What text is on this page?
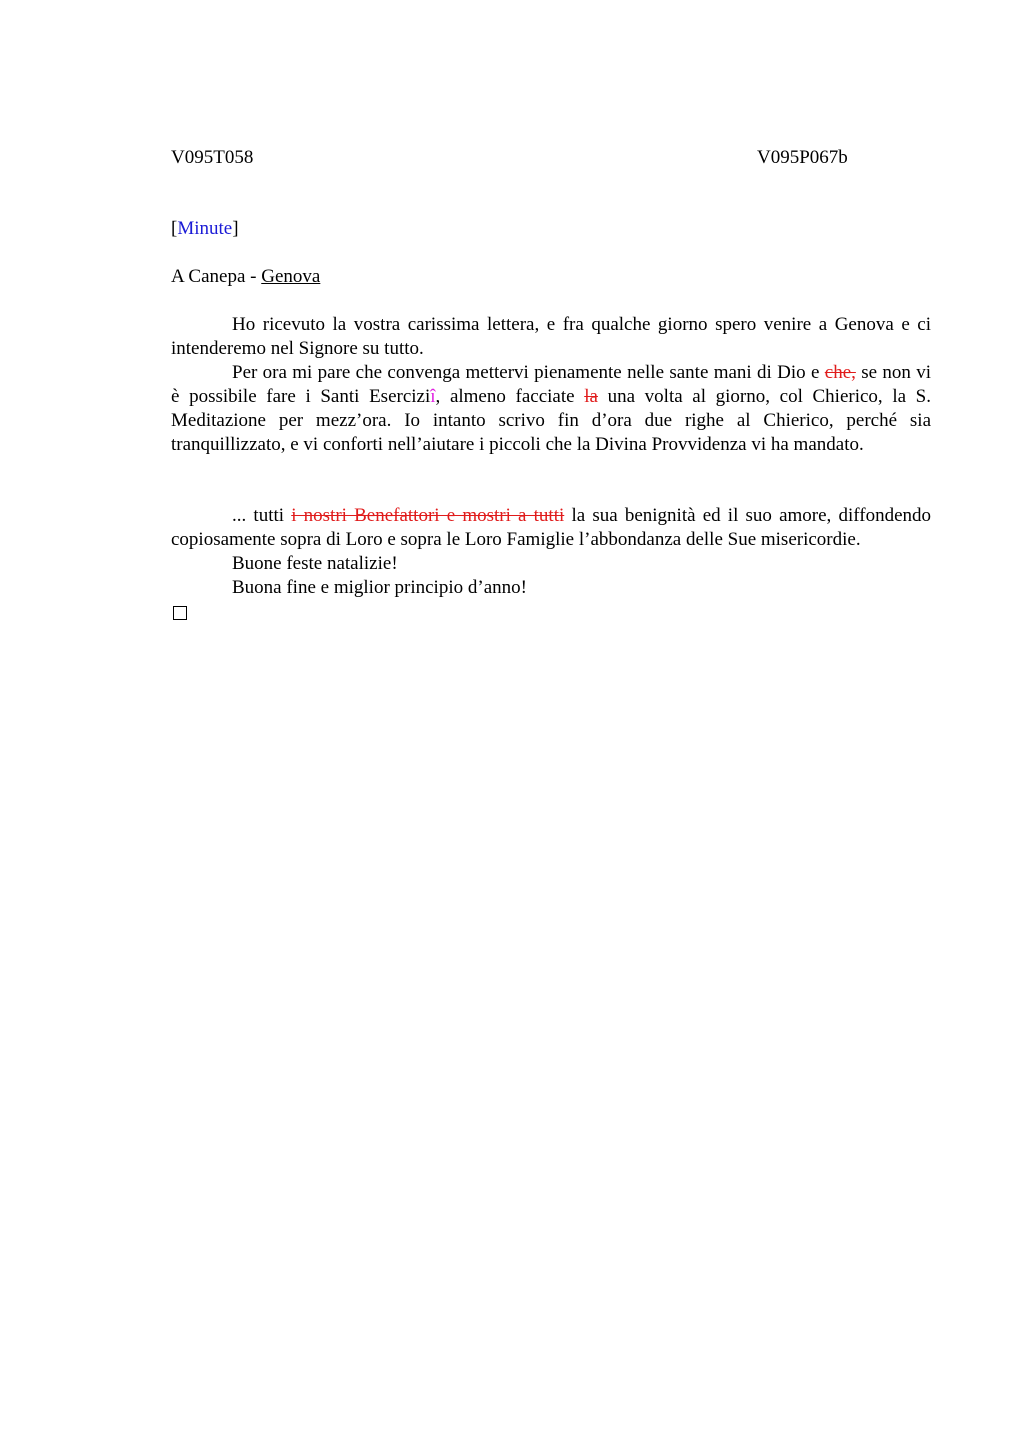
V095T058	V095P067b
[Minute]
A Canepa - Genova

Ho ricevuto la vostra carissima lettera, e fra qualche giorno spero venire a Genova e ci intenderemo nel Signore su tutto.

Per ora mi pare che convenga mettervi pienamente nelle sante mani di Dio e che, se non vi è possibile fare i Santi Eserciziî, almeno facciate la una volta al giorno, col Chierico, la S. Meditazione per mezz’ora. Io intanto scrivo fin d’ora due righe al Chierico, perché sia tranquillizzato, e vi conforti nell’aiutare i piccoli che la Divina Provvidenza vi ha mandato.

... tutti i nostri Benefattori e mostri a tutti la sua benignità ed il suo amore, diffondendo copiosamente sopra di Loro e sopra le Loro Famiglie l’abbondanza delle Sue misericordie.

Buone feste natalizie!

Buona fine e miglior principio d’anno!
